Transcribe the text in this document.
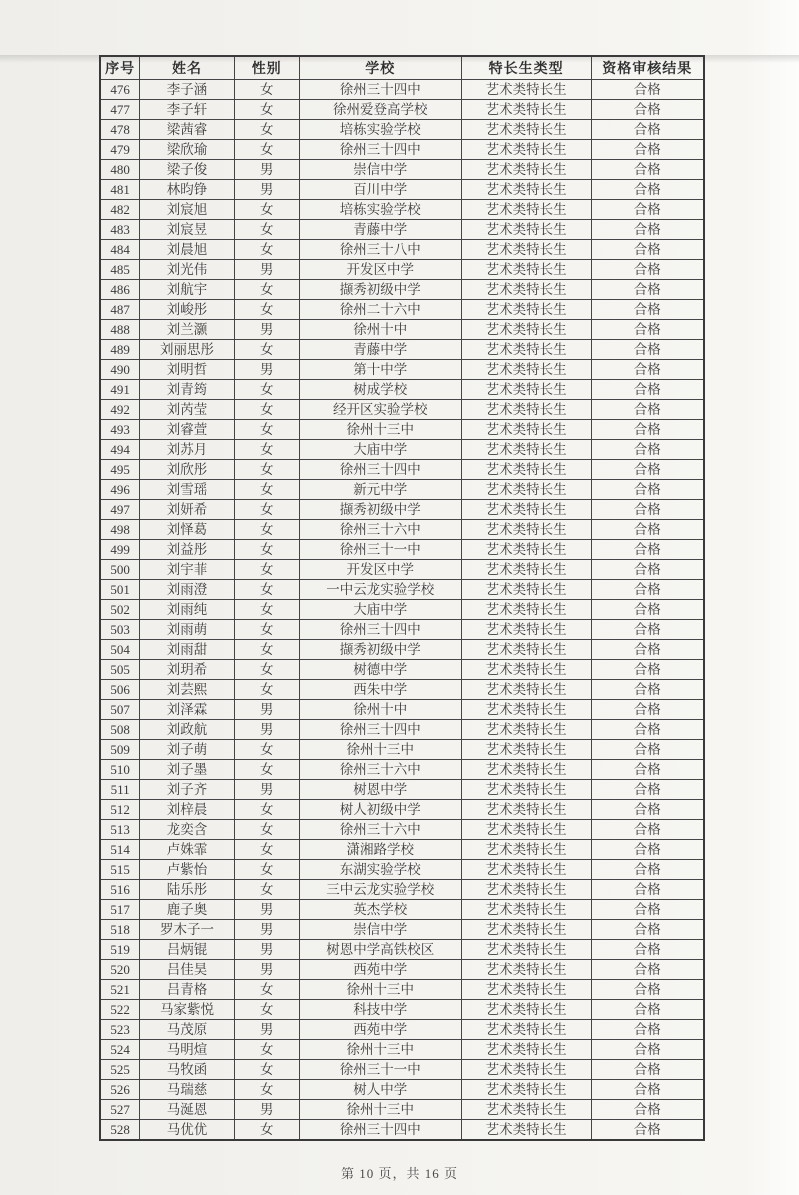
序号	姓名	性别	学校	特长生类型	资格审核结果
476	李子涵	女	徐州三十四中	艺术类特长生	合格
477	李子轩	女	徐州爱登高学校	艺术类特长生	合格
478	梁茜睿	女	培栋实验学校	艺术类特长生	合格
479	梁欣瑜	女	徐州三十四中	艺术类特长生	合格
480	梁子俊	男	崇信中学	艺术类特长生	合格
481	林昀铮	男	百川中学	艺术类特长生	合格
482	刘宸旭	女	培栋实验学校	艺术类特长生	合格
483	刘宸昱	女	青藤中学	艺术类特长生	合格
484	刘晨旭	女	徐州三十八中	艺术类特长生	合格
485	刘光伟	男	开发区中学	艺术类特长生	合格
486	刘航宇	女	撷秀初级中学	艺术类特长生	合格
487	刘峻彤	女	徐州二十六中	艺术类特长生	合格
488	刘兰灏	男	徐州十中	艺术类特长生	合格
489	刘丽思彤	女	青藤中学	艺术类特长生	合格
490	刘明哲	男	第十中学	艺术类特长生	合格
491	刘青筠	女	树成学校	艺术类特长生	合格
492	刘芮莹	女	经开区实验学校	艺术类特长生	合格
493	刘睿萱	女	徐州十三中	艺术类特长生	合格
494	刘苏月	女	大庙中学	艺术类特长生	合格
495	刘欣彤	女	徐州三十四中	艺术类特长生	合格
496	刘雪瑶	女	新元中学	艺术类特长生	合格
497	刘妍希	女	撷秀初级中学	艺术类特长生	合格
498	刘怿葛	女	徐州三十六中	艺术类特长生	合格
499	刘益彤	女	徐州三十一中	艺术类特长生	合格
500	刘宇菲	女	开发区中学	艺术类特长生	合格
501	刘雨澄	女	一中云龙实验学校	艺术类特长生	合格
502	刘雨纯	女	大庙中学	艺术类特长生	合格
503	刘雨萌	女	徐州三十四中	艺术类特长生	合格
504	刘雨甜	女	撷秀初级中学	艺术类特长生	合格
505	刘玥希	女	树德中学	艺术类特长生	合格
506	刘芸熙	女	西朱中学	艺术类特长生	合格
507	刘泽霖	男	徐州十中	艺术类特长生	合格
508	刘政航	男	徐州三十四中	艺术类特长生	合格
509	刘子萌	女	徐州十三中	艺术类特长生	合格
510	刘子墨	女	徐州三十六中	艺术类特长生	合格
511	刘子齐	男	树恩中学	艺术类特长生	合格
512	刘梓晨	女	树人初级中学	艺术类特长生	合格
513	龙奕含	女	徐州三十六中	艺术类特长生	合格
514	卢姝霏	女	潇湘路学校	艺术类特长生	合格
515	卢紫怡	女	东湖实验学校	艺术类特长生	合格
516	陆乐彤	女	三中云龙实验学校	艺术类特长生	合格
517	鹿子奥	男	英杰学校	艺术类特长生	合格
518	罗木子一	男	崇信中学	艺术类特长生	合格
519	吕炳锟	男	树恩中学高铁校区	艺术类特长生	合格
520	吕佳昊	男	西苑中学	艺术类特长生	合格
521	吕青格	女	徐州十三中	艺术类特长生	合格
522	马家紫悦	女	科技中学	艺术类特长生	合格
523	马茂原	男	西苑中学	艺术类特长生	合格
524	马明煊	女	徐州十三中	艺术类特长生	合格
525	马牧函	女	徐州三十一中	艺术类特长生	合格
526	马瑞慈	女	树人中学	艺术类特长生	合格
527	马涎恩	男	徐州十三中	艺术类特长生	合格
528	马优优	女	徐州三十四中	艺术类特长生	合格
第 10 页，共 16 页
